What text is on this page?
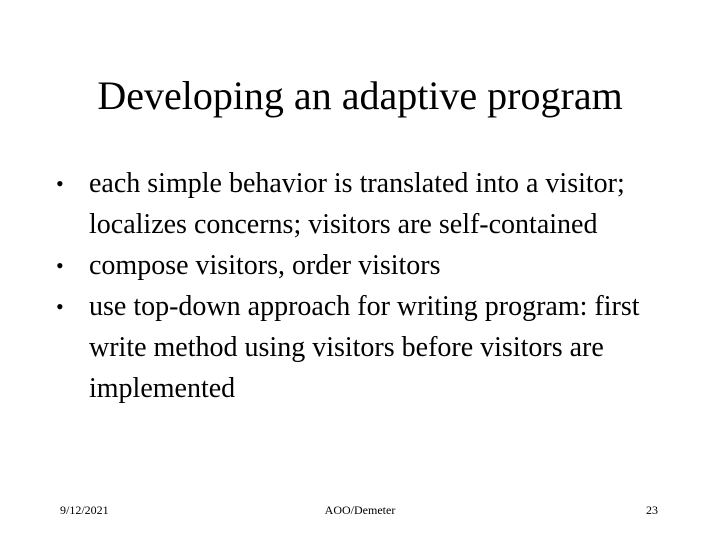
Developing an adaptive program
• each simple behavior is translated into a visitor; localizes concerns; visitors are self-contained
• compose visitors, order visitors
• use top-down approach for writing program: first write method using visitors before visitors are implemented
9/12/2021	AOO/Demeter	23
